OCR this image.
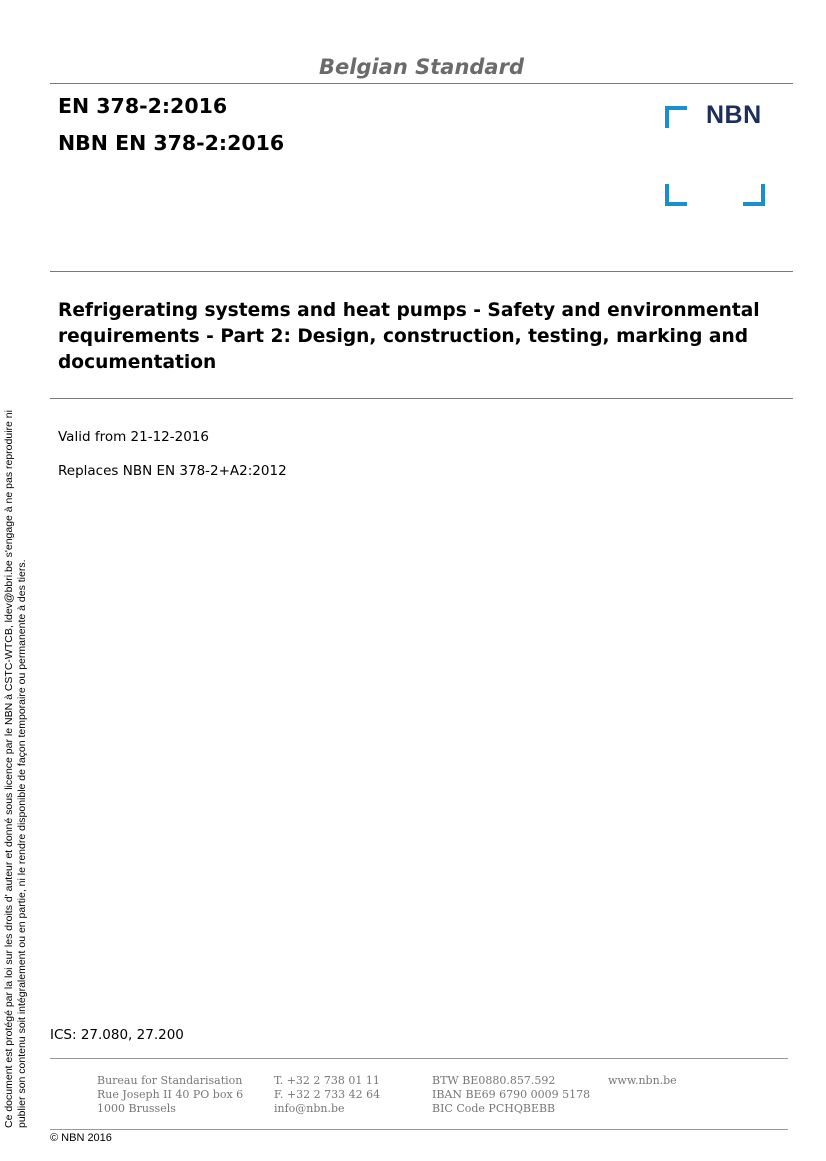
Belgian Standard
EN 378-2:2016
NBN EN 378-2:2016
NBN
Refrigerating systems and heat pumps - Safety and environmental requirements - Part 2: Design, construction, testing, marking and documentation
Valid from 21-12-2016
Replaces NBN EN 378-2+A2:2012
ICS: 27.080, 27.200
Bureau for Standarisation
Rue Joseph II 40 PO box 6
1000 Brussels
T. +32 2 738 01 11
F. +32 2 733 42 64
info@nbn.be
BTW BE0880.857.592
IBAN BE69 6790 0009 5178
BIC Code PCHQBEBB
www.nbn.be
© NBN 2016
Ce document est protégé par la loi sur les droits d' auteur et donné sous licence par le NBN à CSTC-WTCB, ldev@bbri.be s'engage à ne pas reproduire ni publier son contenu soit intégralement ou en partie, ni le rendre disponible de façon temporaire ou permanente à des tiers.
